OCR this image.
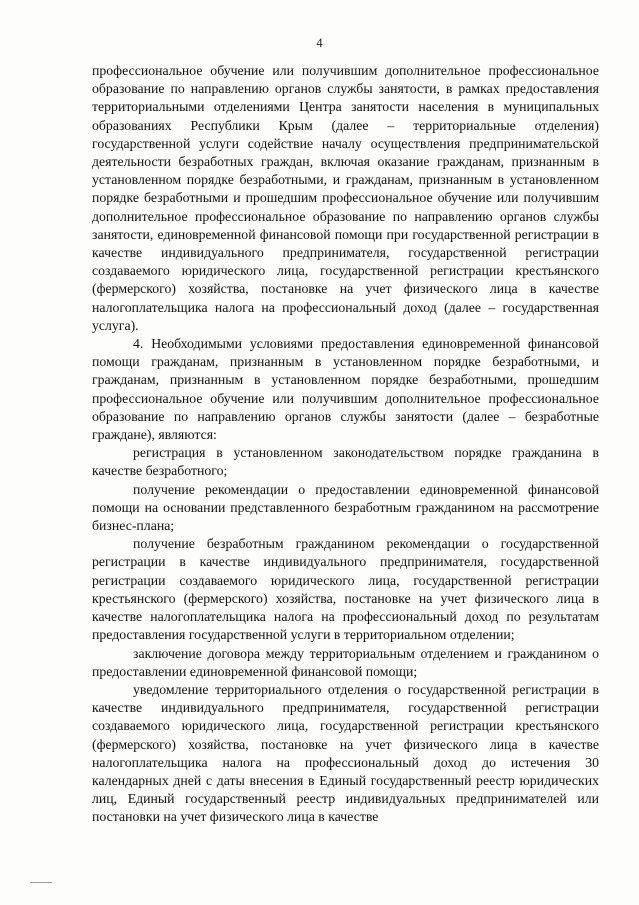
4

профессиональное обучение или получившим дополнительное профессиональное образование по направлению органов службы занятости, в рамках предоставления территориальными отделениями Центра занятости населения в муниципальных образованиях Республики Крым (далее – территориальные отделения) государственной услуги содействие началу осуществления предпринимательской деятельности безработных граждан, включая оказание гражданам, признанным в установленном порядке безработными, и гражданам, признанным в установленном порядке безработными и прошедшим профессиональное обучение или получившим дополнительное профессиональное образование по направлению органов службы занятости, единовременной финансовой помощи при государственной регистрации в качестве индивидуального предпринимателя, государственной регистрации создаваемого юридического лица, государственной регистрации крестьянского (фермерского) хозяйства, постановке на учет физического лица в качестве налогоплательщика налога на профессиональный доход (далее – государственная услуга).

4. Необходимыми условиями предоставления единовременной финансовой помощи гражданам, признанным в установленном порядке безработными, и гражданам, признанным в установленном порядке безработными, прошедшим профессиональное обучение или получившим дополнительное профессиональное образование по направлению органов службы занятости (далее – безработные граждане), являются:

регистрация в установленном законодательством порядке гражданина в качестве безработного;

получение рекомендации о предоставлении единовременной финансовой помощи на основании представленного безработным гражданином на рассмотрение бизнес-плана;

получение безработным гражданином рекомендации о государственной регистрации в качестве индивидуального предпринимателя, государственной регистрации создаваемого юридического лица, государственной регистрации крестьянского (фермерского) хозяйства, постановке на учет физического лица в качестве налогоплательщика налога на профессиональный доход по результатам предоставления государственной услуги в территориальном отделении;

заключение договора между территориальным отделением и гражданином о предоставлении единовременной финансовой помощи;

уведомление территориального отделения о государственной регистрации в качестве индивидуального предпринимателя, государственной регистрации создаваемого юридического лица, государственной регистрации крестьянского (фермерского) хозяйства, постановке на учет физического лица в качестве налогоплательщика налога на профессиональный доход до истечения 30 календарных дней с даты внесения в Единый государственный реестр юридических лиц, Единый государственный реестр индивидуальных предпринимателей или постановки на учет физического лица в качестве
